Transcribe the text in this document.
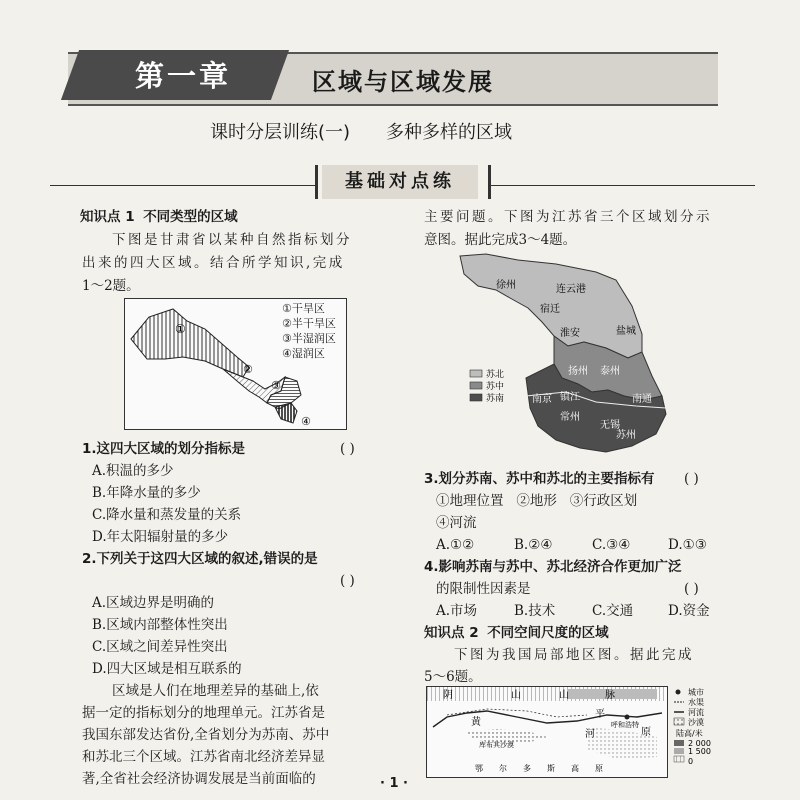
第一章	区域与区域发展
课时分层训练(一) 多种多样的区域
基础对点练
知识点 1 不同类型的区域
下图是甘肃省以某种自然指标划分
出来的四大区域。结合所学知识,完成
1～2题。
①
②
③
④
①干旱区
②半干旱区
③半湿润区
④湿润区
1.这四大区域的划分指标是	( )
A.积温的多少
B.年降水量的多少
C.降水量和蒸发量的关系
D.年太阳辐射量的多少
2.下列关于这四大区域的叙述,错误的是
( )
A.区域边界是明确的
B.区域内部整体性突出
C.区域之间差异性突出
D.四大区域是相互联系的
区域是人们在地理差异的基础上,依
据一定的指标划分的地理单元。江苏省是
我国东部发达省份,全省划分为苏南、苏中
和苏北三个区域。江苏省南北经济差异显
著,全省社会经济协调发展是当前面临的
主要问题。下图为江苏省三个区域划分示
意图。据此完成3～4题。
徐州	连云港
宿迁
淮安	盐城
扬州 泰州
南通
南京 镇江
常州
无锡
苏州
苏北
苏中
苏南
3.划分苏南、苏中和苏北的主要指标有 ( )
①地理位置 ②地形 ③行政区划
④河流
A.①②	B.②④	C.③④	D.①③
4.影响苏南与苏中、苏北经济合作更加广泛
的限制性因素是	( )
A.市场	B.技术	C.交通	D.资金
知识点 2 不同空间尺度的区域
下图为我国局部地区图。据此完成
5～6题。
阴	山	山	脉
黄
平
呼和浩特
库布其沙漠
河	原
鄂 尔 多 斯 高 原
城市
水渠
河流
沙漠
陆高/米
2 000
1 500
0
· 1 ·
